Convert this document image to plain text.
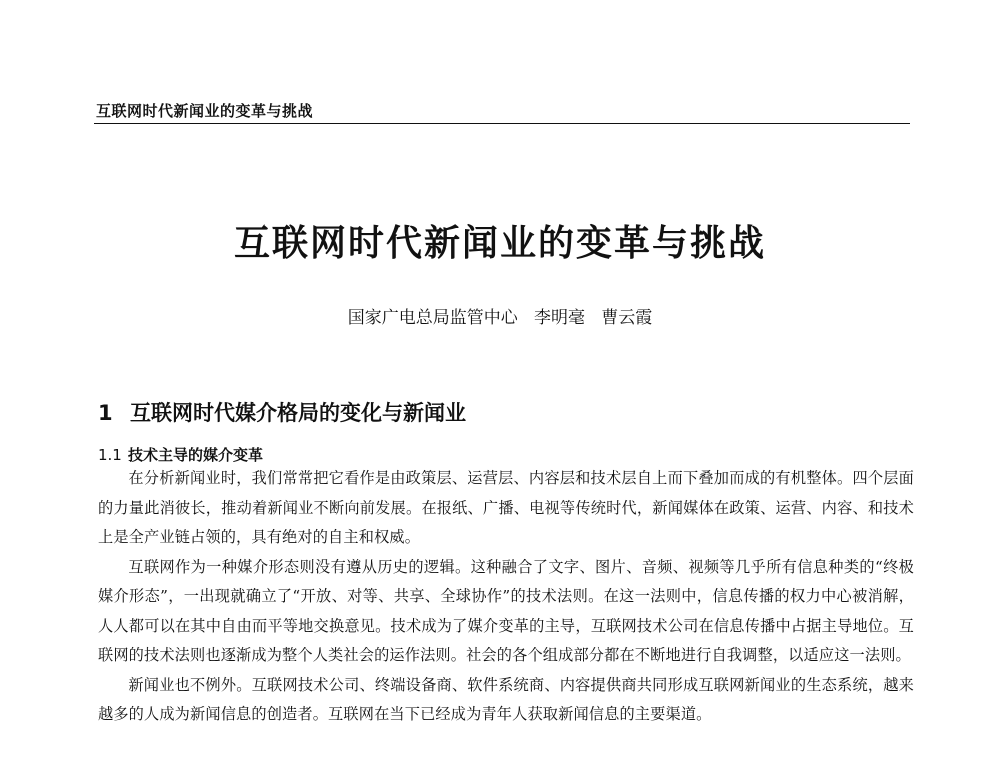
互联网时代新闻业的变革与挑战
互联网时代新闻业的变革与挑战
国家广电总局监管中心 李明毫 曹云霞
1 互联网时代媒介格局的变化与新闻业
1.1 技术主导的媒介变革

在分析新闻业时，我们常常把它看作是由政策层、运营层、内容层和技术层自上而下叠加而成的有机整体。四个层面的力量此消彼长，推动着新闻业不断向前发展。在报纸、广播、电视等传统时代，新闻媒体在政策、运营、内容、和技术上是全产业链占领的，具有绝对的自主和权威。

互联网作为一种媒介形态则没有遵从历史的逻辑。这种融合了文字、图片、音频、视频等几乎所有信息种类的“终极媒介形态”，一出现就确立了“开放、对等、共享、全球协作”的技术法则。在这一法则中，信息传播的权力中心被消解，人人都可以在其中自由而平等地交换意见。技术成为了媒介变革的主导，互联网技术公司在信息传播中占据主导地位。互联网的技术法则也逐渐成为整个人类社会的运作法则。社会的各个组成部分都在不断地进行自我调整，以适应这一法则。

新闻业也不例外。互联网技术公司、终端设备商、软件系统商、内容提供商共同形成互联网新闻业的生态系统，越来越多的人成为新闻信息的创造者。互联网在当下已经成为青年人获取新闻信息的主要渠道。
